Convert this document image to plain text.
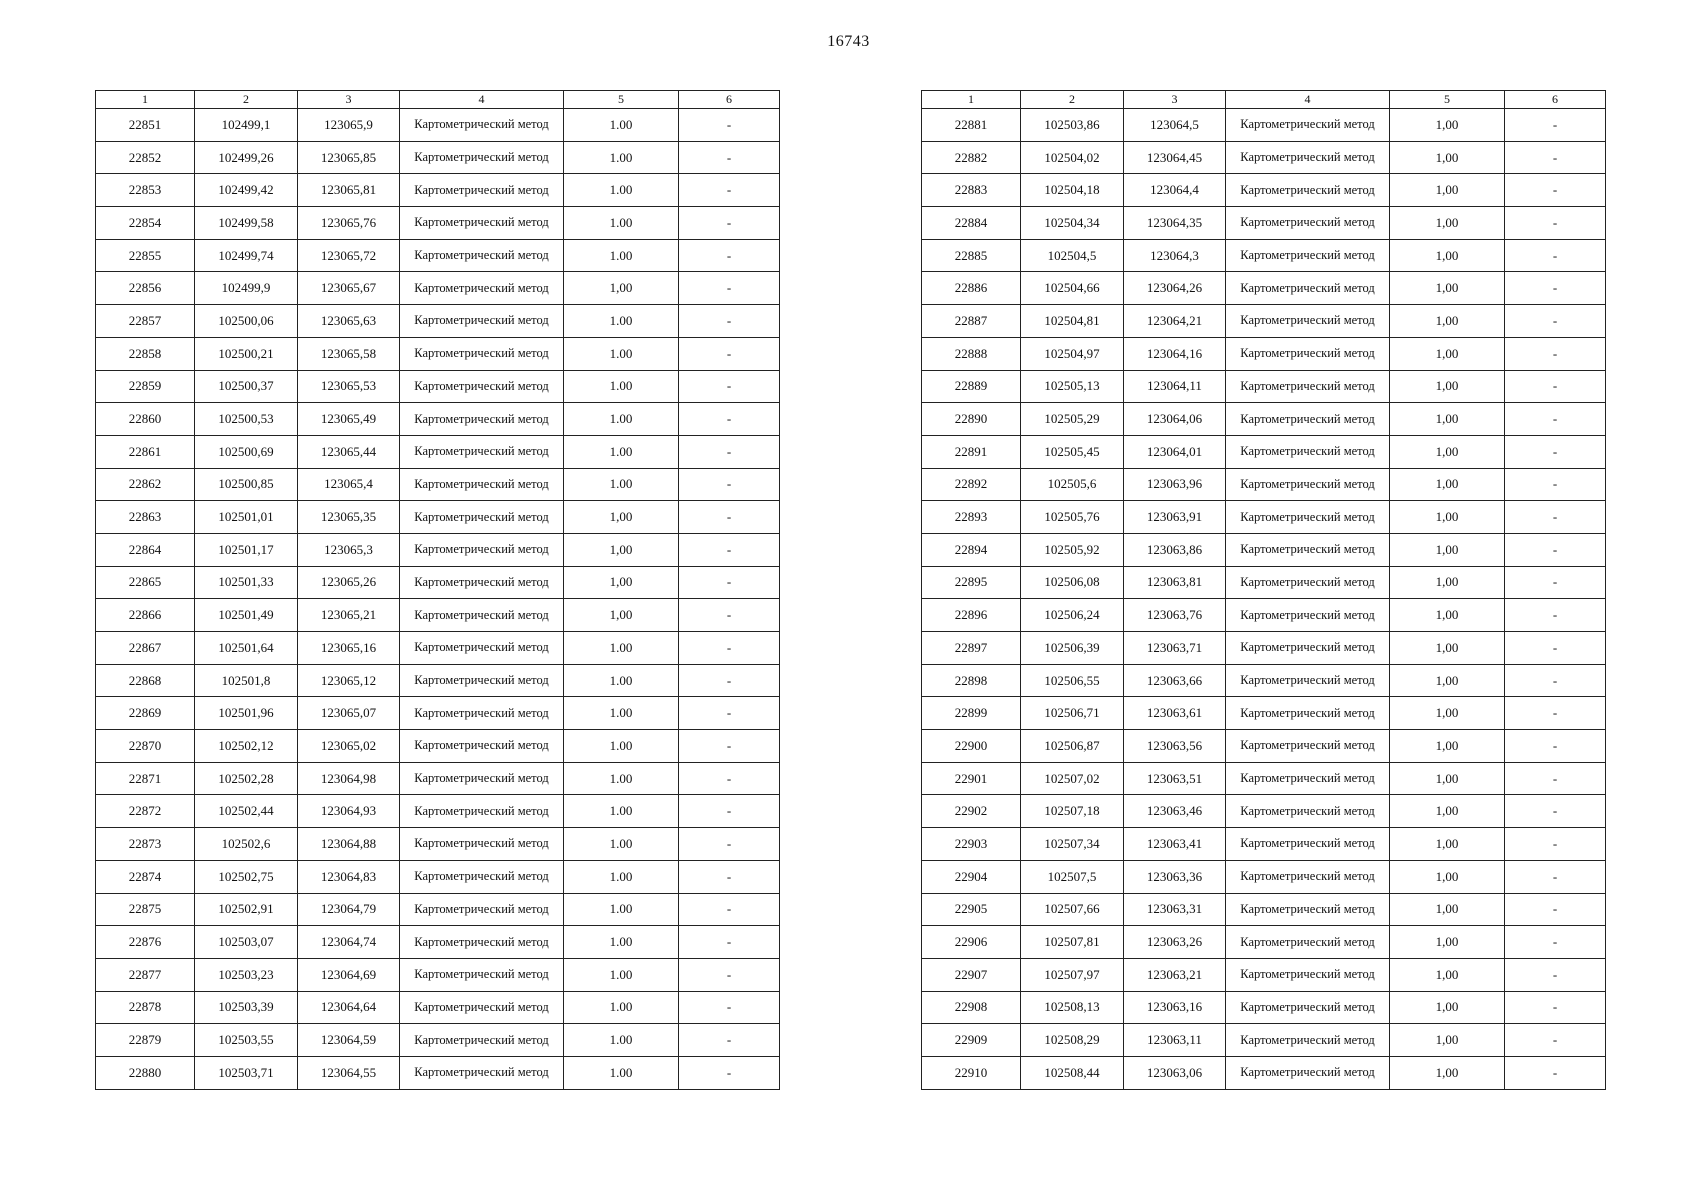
16743
1	2	3	4	5	6
22851	102499,1	123065,9	Картометрический метод	1.00	-
22852	102499,26	123065,85	Картометрический метод	1.00	-
22853	102499,42	123065,81	Картометрический метод	1.00	-
22854	102499,58	123065,76	Картометрический метод	1.00	-
22855	102499,74	123065,72	Картометрический метод	1.00	-
22856	102499,9	123065,67	Картометрический метод	1,00	-
22857	102500,06	123065,63	Картометрический метод	1.00	-
22858	102500,21	123065,58	Картометрический метод	1.00	-
22859	102500,37	123065,53	Картометрический метод	1.00	-
22860	102500,53	123065,49	Картометрический метод	1.00	-
22861	102500,69	123065,44	Картометрический метод	1.00	-
22862	102500,85	123065,4	Картометрический метод	1.00	-
22863	102501,01	123065,35	Картометрический метод	1,00	-
22864	102501,17	123065,3	Картометрический метод	1,00	-
22865	102501,33	123065,26	Картометрический метод	1,00	-
22866	102501,49	123065,21	Картометрический метод	1,00	-
22867	102501,64	123065,16	Картометрический метод	1.00	-
22868	102501,8	123065,12	Картометрический метод	1.00	-
22869	102501,96	123065,07	Картометрический метод	1.00	-
22870	102502,12	123065,02	Картометрический метод	1.00	-
22871	102502,28	123064,98	Картометрический метод	1.00	-
22872	102502,44	123064,93	Картометрический метод	1.00	-
22873	102502,6	123064,88	Картометрический метод	1.00	-
22874	102502,75	123064,83	Картометрический метод	1.00	-
22875	102502,91	123064,79	Картометрический метод	1.00	-
22876	102503,07	123064,74	Картометрический метод	1.00	-
22877	102503,23	123064,69	Картометрический метод	1.00	-
22878	102503,39	123064,64	Картометрический метод	1.00	-
22879	102503,55	123064,59	Картометрический метод	1.00	-
22880	102503,71	123064,55	Картометрический метод	1.00	-
1	2	3	4	5	6
22881	102503,86	123064,5	Картометрический метод	1,00	-
22882	102504,02	123064,45	Картометрический метод	1,00	-
22883	102504,18	123064,4	Картометрический метод	1,00	-
22884	102504,34	123064,35	Картометрический метод	1,00	-
22885	102504,5	123064,3	Картометрический метод	1,00	-
22886	102504,66	123064,26	Картометрический метод	1,00	-
22887	102504,81	123064,21	Картометрический метод	1,00	-
22888	102504,97	123064,16	Картометрический метод	1,00	-
22889	102505,13	123064,11	Картометрический метод	1,00	-
22890	102505,29	123064,06	Картометрический метод	1,00	-
22891	102505,45	123064,01	Картометрический метод	1,00	-
22892	102505,6	123063,96	Картометрический метод	1,00	-
22893	102505,76	123063,91	Картометрический метод	1,00	-
22894	102505,92	123063,86	Картометрический метод	1,00	-
22895	102506,08	123063,81	Картометрический метод	1,00	-
22896	102506,24	123063,76	Картометрический метод	1,00	-
22897	102506,39	123063,71	Картометрический метод	1,00	-
22898	102506,55	123063,66	Картометрический метод	1,00	-
22899	102506,71	123063,61	Картометрический метод	1,00	-
22900	102506,87	123063,56	Картометрический метод	1,00	-
22901	102507,02	123063,51	Картометрический метод	1,00	-
22902	102507,18	123063,46	Картометрический метод	1,00	-
22903	102507,34	123063,41	Картометрический метод	1,00	-
22904	102507,5	123063,36	Картометрический метод	1,00	-
22905	102507,66	123063,31	Картометрический метод	1,00	-
22906	102507,81	123063,26	Картометрический метод	1,00	-
22907	102507,97	123063,21	Картометрический метод	1,00	-
22908	102508,13	123063,16	Картометрический метод	1,00	-
22909	102508,29	123063,11	Картометрический метод	1,00	-
22910	102508,44	123063,06	Картометрический метод	1,00	-
